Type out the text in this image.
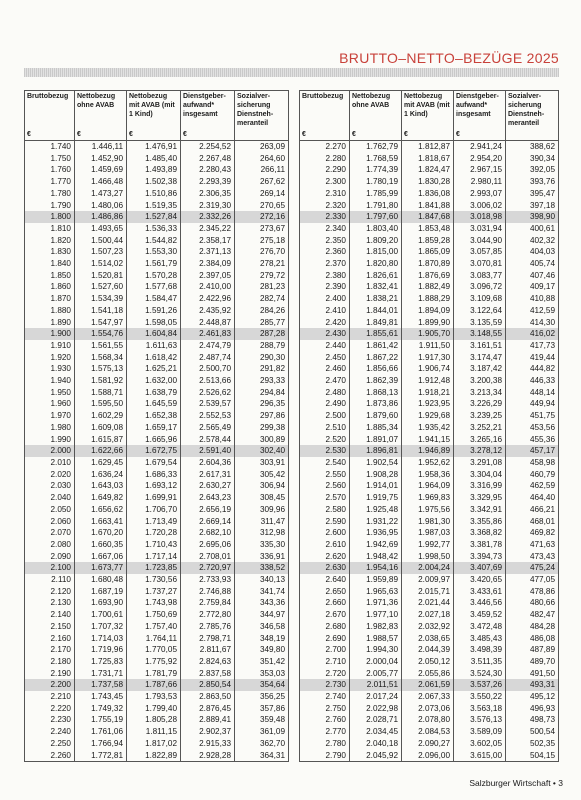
BRUTTO–NETTO–BEZÜGE 2025
Bruttobezug
€	Nettobezug ohne AVAB
€	Nettobezug mit AVAB (mit 1 Kind)
€	Dienstgeber-aufwand* insgesamt
€	Sozialver-sicherung Dienstneh-meranteil
1.740	1.446,11	1.476,91	2.254,52	263,09
1.750	1.452,90	1.485,40	2.267,48	264,60
1.760	1.459,69	1.493,89	2.280,43	266,11
1.770	1.466,48	1.502,38	2.293,39	267,62
1.780	1.473,27	1.510,86	2.306,35	269,14
1.790	1.480,06	1.519,35	2.319,30	270,65
1.800	1.486,86	1.527,84	2.332,26	272,16
1.810	1.493,65	1.536,33	2.345,22	273,67
1.820	1.500,44	1.544,82	2.358,17	275,18
1.830	1.507,23	1.553,30	2.371,13	276,70
1.840	1.514,02	1.561,79	2.384,09	278,21
1.850	1.520,81	1.570,28	2.397,05	279,72
1.860	1.527,60	1.577,68	2.410,00	281,23
1.870	1.534,39	1.584,47	2.422,96	282,74
1.880	1.541,18	1.591,26	2.435,92	284,26
1.890	1.547,97	1.598,05	2.448,87	285,77
1.900	1.554,76	1.604,84	2.461,83	287,28
1.910	1.561,55	1.611,63	2.474,79	288,79
1.920	1.568,34	1.618,42	2.487,74	290,30
1.930	1.575,13	1.625,21	2.500,70	291,82
1.940	1.581,92	1.632,00	2.513,66	293,33
1.950	1.588,71	1.638,79	2.526,62	294,84
1.960	1.595,50	1.645,59	2.539,57	296,35
1.970	1.602,29	1.652,38	2.552,53	297,86
1.980	1.609,08	1.659,17	2.565,49	299,38
1.990	1.615,87	1.665,96	2.578,44	300,89
2.000	1.622,66	1.672,75	2.591,40	302,40
2.010	1.629,45	1.679,54	2.604,36	303,91
2.020	1.636,24	1.686,33	2.617,31	305,42
2.030	1.643,03	1.693,12	2.630,27	306,94
2.040	1.649,82	1.699,91	2.643,23	308,45
2.050	1.656,62	1.706,70	2.656,19	309,96
2.060	1.663,41	1.713,49	2.669,14	311,47
2.070	1.670,20	1.720,28	2.682,10	312,98
2.080	1.660,35	1.710,43	2.695,06	335,30
2.090	1.667,06	1.717,14	2.708,01	336,91
2.100	1.673,77	1.723,85	2.720,97	338,52
2.110	1.680,48	1.730,56	2.733,93	340,13
2.120	1.687,19	1.737,27	2.746,88	341,74
2.130	1.693,90	1.743,98	2.759,84	343,36
2.140	1.700,61	1.750,69	2.772,80	344,97
2.150	1.707,32	1.757,40	2.785,76	346,58
2.160	1.714,03	1.764,11	2.798,71	348,19
2.170	1.719,96	1.770,05	2.811,67	349,80
2.180	1.725,83	1.775,92	2.824,63	351,42
2.190	1.731,71	1.781,79	2.837,58	353,03
2.200	1.737,58	1.787,66	2.850,54	354,64
2.210	1.743,45	1.793,53	2.863,50	356,25
2.220	1.749,32	1.799,40	2.876,45	357,86
2.230	1.755,19	1.805,28	2.889,41	359,48
2.240	1.761,06	1.811,15	2.902,37	361,09
2.250	1.766,94	1.817,02	2.915,33	362,70
2.260	1.772,81	1.822,89	2.928,28	364,31
Bruttobezug
€	Nettobezug ohne AVAB
€	Nettobezug mit AVAB (mit 1 Kind)
€	Dienstgeber-aufwand* insgesamt
€	Sozialver-sicherung Dienstneh-meranteil
2.270	1.762,79	1.812,87	2.941,24	388,62
2.280	1.768,59	1.818,67	2.954,20	390,34
2.290	1.774,39	1.824,47	2.967,15	392,05
2.300	1.780,19	1.830,28	2.980,11	393,76
2.310	1.785,99	1.836,08	2.993,07	395,47
2.320	1.791,80	1.841,88	3.006,02	397,18
2.330	1.797,60	1.847,68	3.018,98	398,90
2.340	1.803,40	1.853,48	3.031,94	400,61
2.350	1.809,20	1.859,28	3.044,90	402,32
2.360	1.815,00	1.865,09	3.057,85	404,03
2.370	1.820,80	1.870,89	3.070,81	405,74
2.380	1.826,61	1.876,69	3.083,77	407,46
2.390	1.832,41	1.882,49	3.096,72	409,17
2.400	1.838,21	1.888,29	3.109,68	410,88
2.410	1.844,01	1.894,09	3.122,64	412,59
2.420	1.849,81	1.899,90	3.135,59	414,30
2.430	1.855,61	1.905,70	3.148,55	416,02
2.440	1.861,42	1.911,50	3.161,51	417,73
2.450	1.867,22	1.917,30	3.174,47	419,44
2.460	1.856,66	1.906,74	3.187,42	444,82
2.470	1.862,39	1.912,48	3.200,38	446,33
2.480	1.868,13	1.918,21	3.213,34	448,14
2.490	1.873,86	1.923,95	3.226,29	449,94
2.500	1.879,60	1.929,68	3.239,25	451,75
2.510	1.885,34	1.935,42	3.252,21	453,56
2.520	1.891,07	1.941,15	3.265,16	455,36
2.530	1.896,81	1.946,89	3.278,12	457,17
2.540	1.902,54	1.952,62	3.291,08	458,98
2.550	1.908,28	1.958,36	3.304,04	460,79
2.560	1.914,01	1.964,09	3.316,99	462,59
2.570	1.919,75	1.969,83	3.329,95	464,40
2.580	1.925,48	1.975,56	3.342,91	466,21
2.590	1.931,22	1.981,30	3.355,86	468,01
2.600	1.936,95	1.987,03	3.368,82	469,82
2.610	1.942,69	1.992,77	3.381,78	471,63
2.620	1.948,42	1.998,50	3.394,73	473,43
2.630	1.954,16	2.004,24	3.407,69	475,24
2.640	1.959,89	2.009,97	3.420,65	477,05
2.650	1.965,63	2.015,71	3.433,61	478,86
2.660	1.971,36	2.021,44	3.446,56	480,66
2.670	1.977,10	2.027,18	3.459,52	482,47
2.680	1.982,83	2.032,92	3.472,48	484,28
2.690	1.988,57	2.038,65	3.485,43	486,08
2.700	1.994,30	2.044,39	3.498,39	487,89
2.710	2.000,04	2.050,12	3.511,35	489,70
2.720	2.005,77	2.055,86	3.524,30	491,50
2.730	2.011,51	2.061,59	3.537,26	493,31
2.740	2.017,24	2.067,33	3.550,22	495,12
2.750	2.022,98	2.073,06	3.563,18	496,93
2.760	2.028,71	2.078,80	3.576,13	498,73
2.770	2.034,45	2.084,53	3.589,09	500,54
2.780	2.040,18	2.090,27	3.602,05	502,35
2.790	2.045,92	2.096,00	3.615,00	504,15
Salzburger Wirtschaft • 3
